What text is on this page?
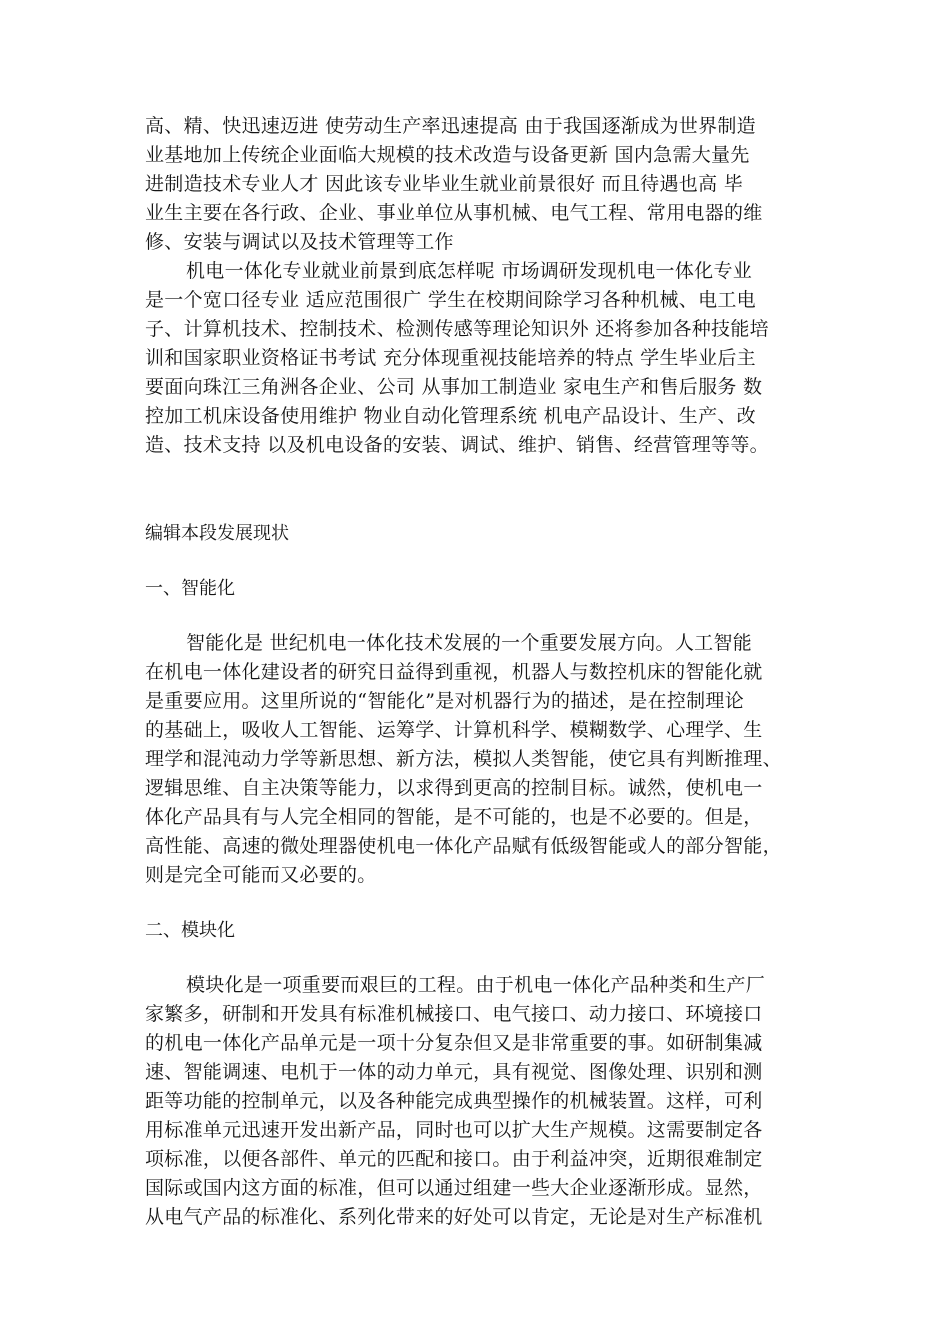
高、精、快迅速迈进 使劳动生产率迅速提高 由于我国逐渐成为世界制造
业基地加上传统企业面临大规模的技术改造与设备更新 国内急需大量先
进制造技术专业人才 因此该专业毕业生就业前景很好 而且待遇也高 毕
业生主要在各行政、企业、事业单位从事机械、电气工程、常用电器的维
修、安装与调试以及技术管理等工作
机电一体化专业就业前景到底怎样呢 市场调研发现机电一体化专业
是一个宽口径专业 适应范围很广 学生在校期间除学习各种机械、电工电
子、计算机技术、控制技术、检测传感等理论知识外 还将参加各种技能培
训和国家职业资格证书考试 充分体现重视技能培养的特点 学生毕业后主
要面向珠江三角洲各企业、公司 从事加工制造业 家电生产和售后服务 数
控加工机床设备使用维护 物业自动化管理系统 机电产品设计、生产、改
造、技术支持 以及机电设备的安装、调试、维护、销售、经营管理等等。
编辑本段发展现状
一、智能化
智能化是 世纪机电一体化技术发展的一个重要发展方向。人工智能
在机电一体化建设者的研究日益得到重视，机器人与数控机床的智能化就
是重要应用。这里所说的“智能化”是对机器行为的描述，是在控制理论
的基础上，吸收人工智能、运筹学、计算机科学、模糊数学、心理学、生
理学和混沌动力学等新思想、新方法，模拟人类智能，使它具有判断推理、
逻辑思维、自主决策等能力，以求得到更高的控制目标。诚然，使机电一
体化产品具有与人完全相同的智能，是不可能的，也是不必要的。但是，
高性能、高速的微处理器使机电一体化产品赋有低级智能或人的部分智能，
则是完全可能而又必要的。
二、模块化
模块化是一项重要而艰巨的工程。由于机电一体化产品种类和生产厂
家繁多，研制和开发具有标准机械接口、电气接口、动力接口、环境接口
的机电一体化产品单元是一项十分复杂但又是非常重要的事。如研制集减
速、智能调速、电机于一体的动力单元，具有视觉、图像处理、识别和测
距等功能的控制单元，以及各种能完成典型操作的机械装置。这样，可利
用标准单元迅速开发出新产品，同时也可以扩大生产规模。这需要制定各
项标准，以便各部件、单元的匹配和接口。由于利益冲突，近期很难制定
国际或国内这方面的标准，但可以通过组建一些大企业逐渐形成。显然，
从电气产品的标准化、系列化带来的好处可以肯定，无论是对生产标准机
